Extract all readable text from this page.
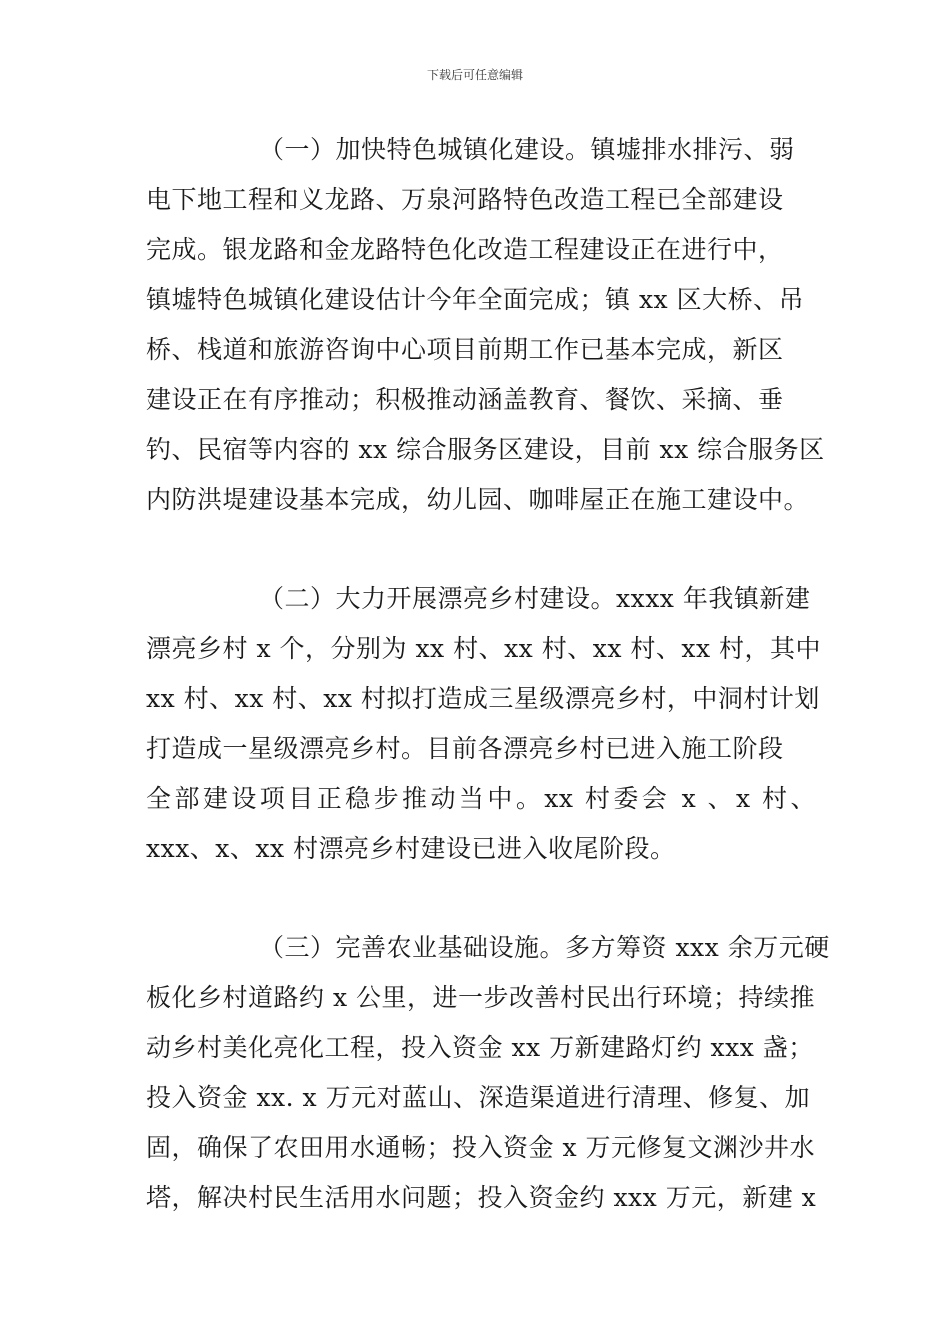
下载后可任意编辑
（一）加快特色城镇化建设。镇墟排水排污、弱
电下地工程和义龙路、万泉河路特色改造工程已全部建设
完成。银龙路和金龙路特色化改造工程建设正在进行中，
镇墟特色城镇化建设估计今年全面完成；镇 xx 区大桥、吊
桥、栈道和旅游咨询中心项目前期工作已基本完成，新区
建设正在有序推动；积极推动涵盖教育、餐饮、采摘、垂
钓、民宿等内容的 xx 综合服务区建设，目前 xx 综合服务区
内防洪堤建设基本完成，幼儿园、咖啡屋正在施工建设中。
（二）大力开展漂亮乡村建设。xxxx 年我镇新建
漂亮乡村 x 个，分别为 xx 村、xx 村、xx 村、xx 村，其中
xx 村、xx 村、xx 村拟打造成三星级漂亮乡村，中洞村计划
打造成一星级漂亮乡村。目前各漂亮乡村已进入施工阶段
全部建设项目正稳步推动当中。xx 村委会 x 、x 村、
xxx、x、xx 村漂亮乡村建设已进入收尾阶段。
（三）完善农业基础设施。多方筹资 xxx 余万元硬
板化乡村道路约 x 公里，进一步改善村民出行环境；持续推
动乡村美化亮化工程，投入资金 xx 万新建路灯约 xxx 盏；
投入资金 xx. x 万元对蓝山、深造渠道进行清理、修复、加
固，确保了农田用水通畅；投入资金 x 万元修复文渊沙井水
塔，解决村民生活用水问题；投入资金约 xxx 万元，新建 x
